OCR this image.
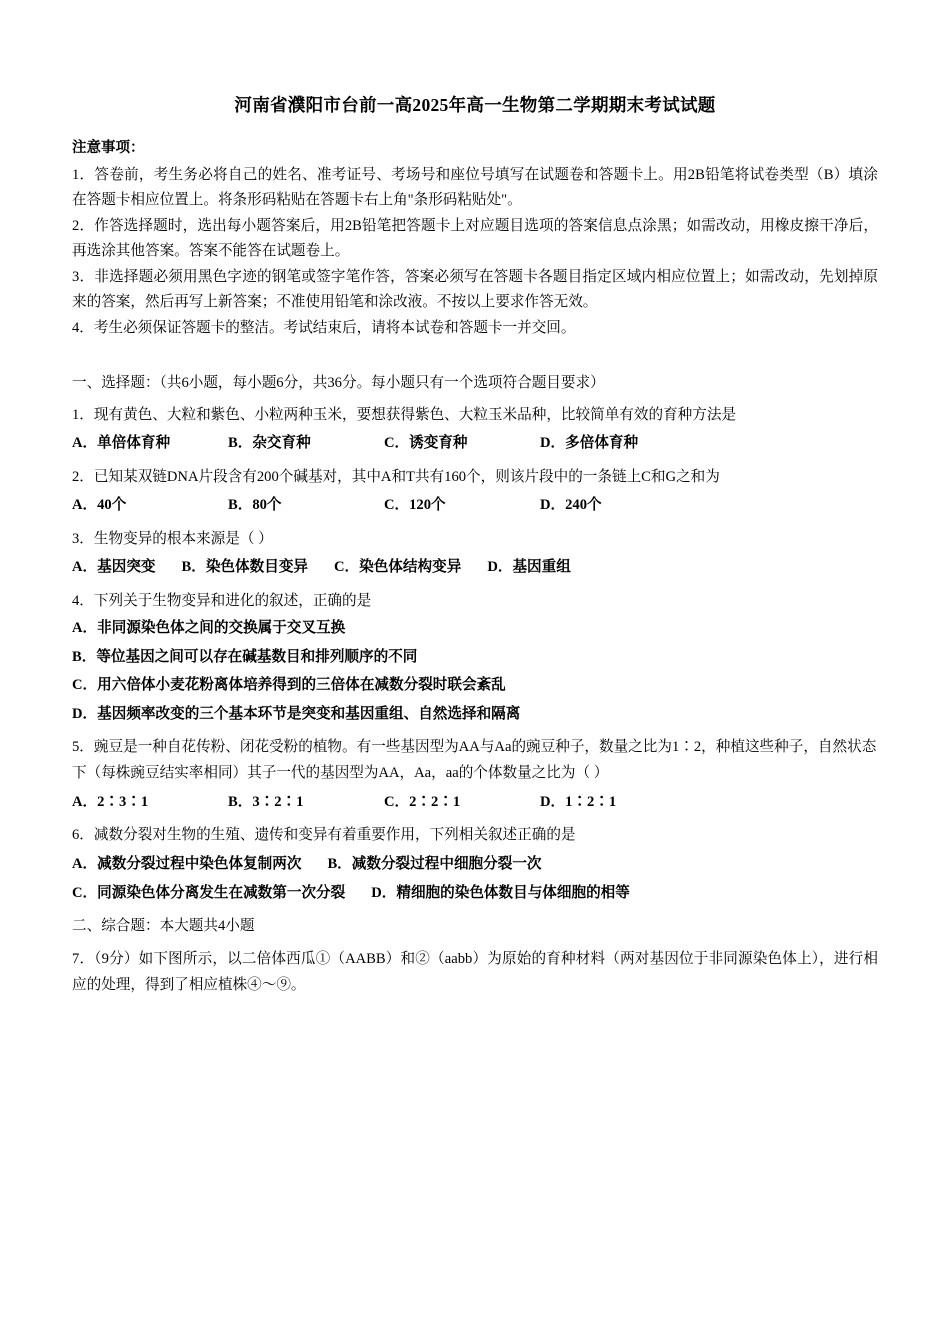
河南省濮阳市台前一高2025年高一生物第二学期期末考试试题
注意事项：
1．答卷前，考生务必将自己的姓名、准考证号、考场号和座位号填写在试题卷和答题卡上。用2B铅笔将试卷类型（B）填涂在答题卡相应位置上。将条形码粘贴在答题卡右上角"条形码粘贴处"。
2．作答选择题时，选出每小题答案后，用2B铅笔把答题卡上对应题目选项的答案信息点涂黑；如需改动，用橡皮擦干净后，再选涂其他答案。答案不能答在试题卷上。
3．非选择题必须用黑色字迹的钢笔或签字笔作答，答案必须写在答题卡各题目指定区域内相应位置上；如需改动，先划掉原来的答案，然后再写上新答案；不准使用铅笔和涂改液。不按以上要求作答无效。
4．考生必须保证答题卡的整洁。考试结束后，请将本试卷和答题卡一并交回。
一、选择题：（共6小题，每小题6分，共36分。每小题只有一个选项符合题目要求）
1．现有黄色、大粒和紫色、小粒两种玉米，要想获得紫色、大粒玉米品种，比较简单有效的育种方法是
A．单倍体育种	B．杂交育种	C．诱变育种	D．多倍体育种
2．已知某双链DNA片段含有200个碱基对，其中A和T共有160个，则该片段中的一条链上C和G之和为
A．40个	B．80个	C．120个	D．240个
3．生物变异的根本来源是（ ）
A．基因突变 B．染色体数目变异 C．染色体结构变异 D．基因重组
4．下列关于生物变异和进化的叙述，正确的是
A．非同源染色体之间的交换属于交叉互换
B．等位基因之间可以存在碱基数目和排列顺序的不同
C．用六倍体小麦花粉离体培养得到的三倍体在减数分裂时联会紊乱
D．基因频率改变的三个基本环节是突变和基因重组、自然选择和隔离
5．豌豆是一种自花传粉、闭花受粉的植物。有一些基因型为AA与Aa的豌豆种子，数量之比为1∶2，种植这些种子，自然状态下（每株豌豆结实率相同）其子一代的基因型为AA，Aa，aa的个体数量之比为（ ）
A．2∶3∶1	B．3∶2∶1	C．2∶2∶1	D．1∶2∶1
6．减数分裂对生物的生殖、遗传和变异有着重要作用，下列相关叙述正确的是
A．减数分裂过程中染色体复制两次 B．减数分裂过程中细胞分裂一次
C．同源染色体分离发生在减数第一次分裂 D．精细胞的染色体数目与体细胞的相等
二、综合题：本大题共4小题
7．（9分）如下图所示，以二倍体西瓜①（AABB）和②（aabb）为原始的育种材料（两对基因位于非同源染色体上），进行相应的处理，得到了相应植株④～⑨。
